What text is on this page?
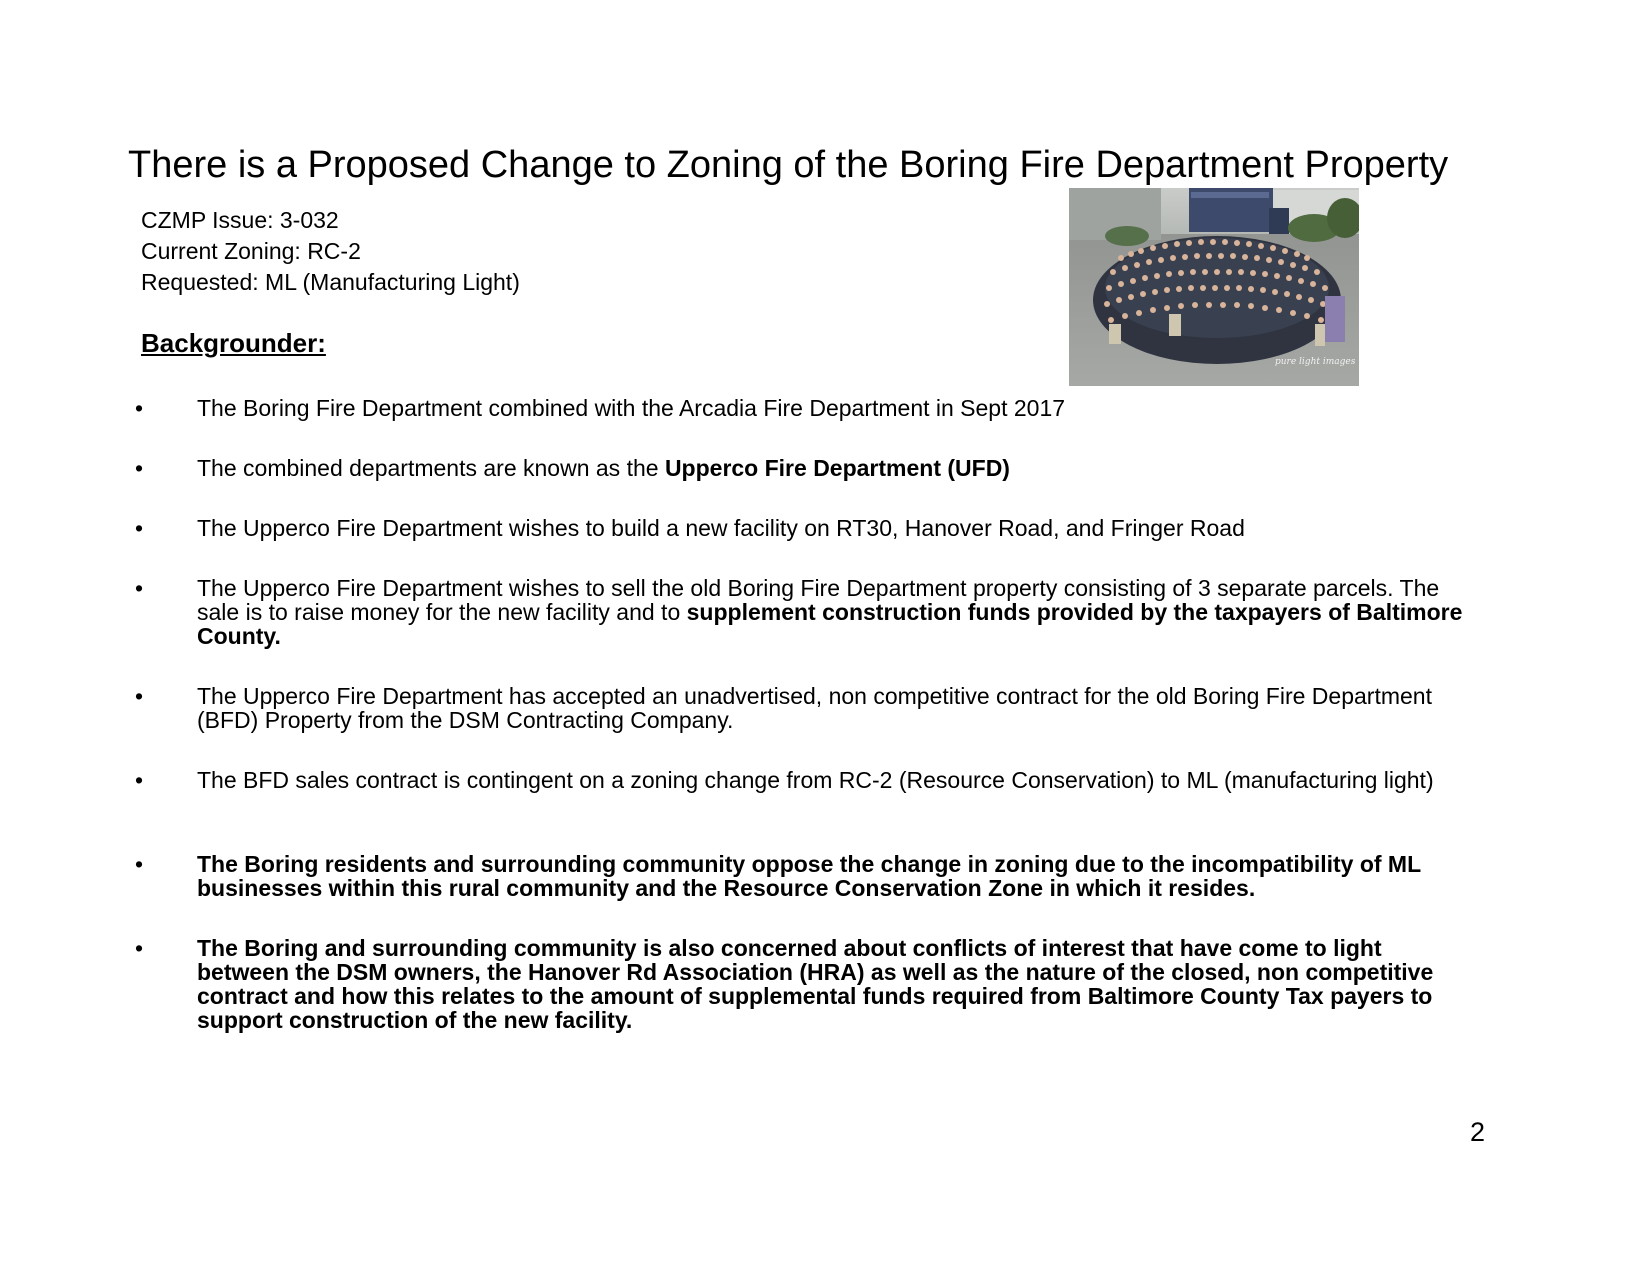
There is a Proposed Change to Zoning of the Boring Fire Department Property
CZMP Issue: 3-032
Current Zoning: RC-2
Requested: ML (Manufacturing Light)
Backgrounder:
pure light images
•	The Boring Fire Department combined with the Arcadia Fire Department in Sept 2017
•	The combined departments are known as the Upperco Fire Department (UFD)
•	The Upperco Fire Department wishes to build a new facility on RT30, Hanover Road, and Fringer Road
•	The Upperco Fire Department wishes to sell the old Boring Fire Department property consisting of 3 separate parcels. The sale is to raise money for the new facility and to supplement construction funds provided by the taxpayers of Baltimore County.
•	The Upperco Fire Department has accepted an unadvertised, non competitive contract for the old Boring Fire Department (BFD) Property from the DSM Contracting Company.
•	The BFD sales contract is contingent on a zoning change from RC-2 (Resource Conservation) to ML (manufacturing light)
•	The Boring residents and surrounding community oppose the change in zoning due to the incompatibility of ML businesses within this rural community and the Resource Conservation Zone in which it resides.
•	The Boring and surrounding community is also concerned about conflicts of interest that have come to light between the DSM owners, the Hanover Rd Association (HRA) as well as the nature of the closed, non competitive contract and how this relates to the amount of supplemental funds required from Baltimore County Tax payers to support construction of the new facility.
2
